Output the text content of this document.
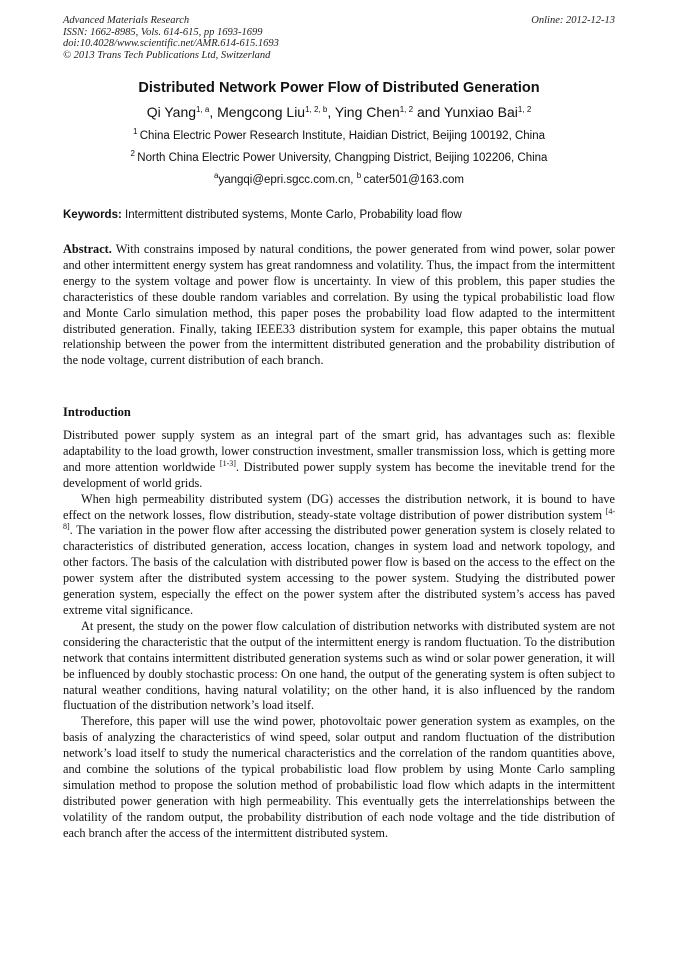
Advanced Materials Research
ISSN: 1662-8985, Vols. 614-615, pp 1693-1699
doi:10.4028/www.scientific.net/AMR.614-615.1693
© 2013 Trans Tech Publications Ltd, Switzerland
Online: 2012-12-13
Distributed Network Power Flow of Distributed Generation
Qi Yang$^{1, a}$, Mengcong Liu$^{1, 2, b}$, Ying Chen$^{1, 2}$ and Yunxiao Bai$^{1, 2}$
$^1$  China Electric Power Research Institute, Haidian District, Beijing 100192, China
$^2$  North China Electric Power University, Changping District, Beijing 102206, China
$^a$yangqi@epri.sgcc.com.cn, $^b$  cater501@163.com
Keywords: Intermittent distributed systems, Monte Carlo, Probability load flow
Abstract. With constrains imposed by natural conditions, the power generated from wind power, solar power and other intermittent energy system has great randomness and volatility. Thus, the impact from the intermittent energy to the system voltage and power flow is uncertainty. In view of this problem, this paper studies the characteristics of these double random variables and correlation. By using the typical probabilistic load flow and Monte Carlo simulation method, this paper poses the probability load flow adapted to the intermittent distributed generation. Finally, taking IEEE33 distribution system for example, this paper obtains the mutual relationship between the power from the intermittent distributed generation and the probability distribution of the node voltage, current distribution of each branch.
Introduction

Distributed power supply system as an integral part of the smart grid, has advantages such as: flexible adaptability to the load growth, lower construction investment, smaller transmission loss, which is getting more and more attention worldwide [1-3]. Distributed power supply system has become the inevitable trend for the development of world grids.

When high permeability distributed system (DG) accesses the distribution network, it is bound to have effect on the network losses, flow distribution, steady-state voltage distribution of power distribution system [4-8]. The variation in the power flow after accessing the distributed power generation system is closely related to characteristics of distributed generation, access location, changes in system load and network topology, and other factors. The basis of the calculation with distributed power flow is based on the access to the effect on the power system after the distributed system accessing to the power system. Studying the distributed power generation system, especially the effect on the power system after the distributed system’s access has paved extreme vital significance.

At present, the study on the power flow calculation of distribution networks with distributed system are not considering the characteristic that the output of the intermittent energy is random fluctuation. To the distribution network that contains intermittent distributed generation systems such as wind or solar power generation, it will be influenced by doubly stochastic process: On one hand, the output of the generating system is often subject to natural weather conditions, having natural volatility; on the other hand, it is also influenced by the random fluctuation of the distribution network’s load itself.

Therefore, this paper will use the wind power, photovoltaic power generation system as examples, on the basis of analyzing the characteristics of wind speed, solar output and random fluctuation of the distribution network’s load itself to study the numerical characteristics and the correlation of the random quantities above, and combine the solutions of the typical probabilistic load flow problem by using Monte Carlo sampling simulation method to propose the solution method of probabilistic load flow which adapts in the intermittent distributed power generation with high permeability. This eventually gets the interrelationships between the volatility of the random output, the probability distribution of each node voltage and the tide distribution of each branch after the access of the intermittent distributed system.
